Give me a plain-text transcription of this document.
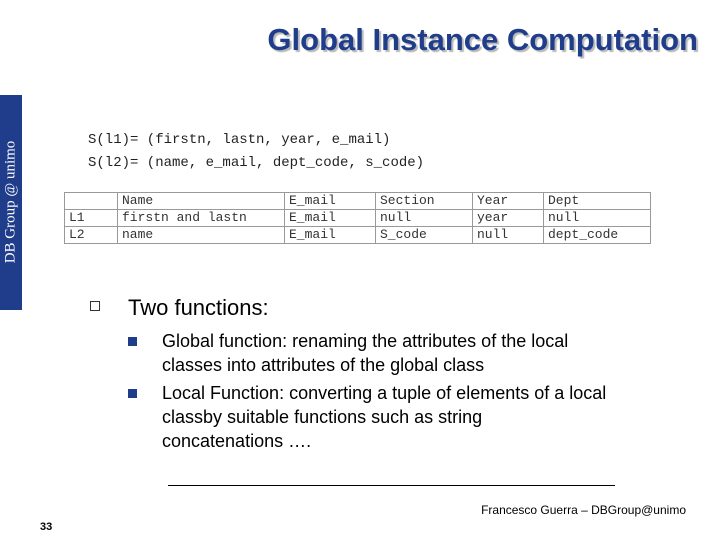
Global Instance Computation
DB Group @ unimo
S(l1)= (firstn, lastn, year, e_mail)
S(l2)= (name, e_mail, dept_code, s_code)
	Name	E_mail	Section	Year	Dept
L1	firstn and lastn	E_mail	null	year	null
L2	name	E_mail	S_code	null	dept_code
Two functions:
Global function: renaming the attributes of the local classes into attributes of the global class
Local Function: converting a tuple of elements of a local classby suitable functions such as string concatenations ….
Francesco Guerra – DBGroup@unimo
33
